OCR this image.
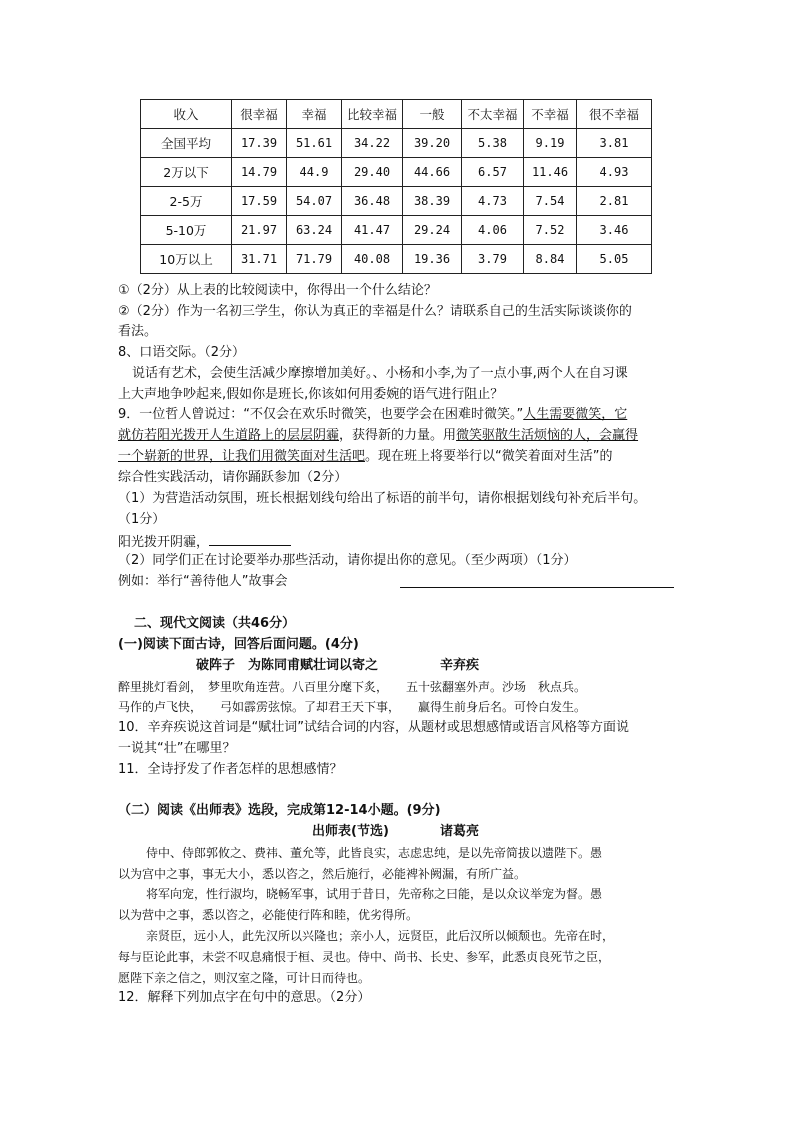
收入	很幸福	幸福	比较幸福	一般	不太幸福	不幸福	很不幸福
全国平均	17.39	51.61	34.22	39.20	5.38	9.19	3.81
2万以下	14.79	44.9	29.40	44.66	6.57	11.46	4.93
2-5万	17.59	54.07	36.48	38.39	4.73	7.54	2.81
5-10万	21.97	63.24	41.47	29.24	4.06	7.52	3.46
10万以上	31.71	71.79	40.08	19.36	3.79	8.84	5.05
①（2分）从上表的比较阅读中，你得出一个什么结论？
②（2分）作为一名初三学生，你认为真正的幸福是什么？请联系自己的生活实际谈谈你的
看法。
8、口语交际。（2分）
说话有艺术，会使生活减少摩擦增加美好。、小杨和小李,为了一点小事,两个人在自习课
上大声地争吵起来,假如你是班长,你该如何用委婉的语气进行阻止？
9．一位哲人曾说过：“不仅会在欢乐时微笑，也要学会在困难时微笑。”人生需要微笑，它
就仿若阳光拨开人生道路上的层层阴霾，获得新的力量。用微笑驱散生活烦恼的人，会赢得
一个崭新的世界，让我们用微笑面对生活吧。现在班上将要举行以“微笑着面对生活”的
综合性实践活动，请你踊跃参加（2分）
（1）为营造活动氛围，班长根据划线句给出了标语的前半句，请你根据划线句补充后半句。
（1分）
阳光拨开阴霾，
（2）同学们正在讨论要举办那些活动，请你提出你的意见。（至少两项）（1分）
例如：举行“善待他人”故事会
二、现代文阅读（共46分）
(一)阅读下面古诗，回答后面问题。(4分)
破阵子　为陈同甫赋壮词以寄之	辛弃疾
醉里挑灯看剑，　梦里吹角连营。八百里分麾下炙，　　五十弦翻塞外声。沙场　秋点兵。
马作的卢飞快，　　弓如霹雳弦惊。了却君王天下事，　　赢得生前身后名。可怜白发生。
10．辛弃疾说这首词是“赋壮词”试结合词的内容，从题材或思想感情或语言风格等方面说
一说其“壮”在哪里？
11．全诗抒发了作者怎样的思想感情？
（二）阅读《出师表》选段，完成第12-14小题。(9分)
出师表(节选)	诸葛亮
侍中、侍郎郭攸之、费祎、董允等，此皆良实，志虑忠纯，是以先帝简拔以遗陛下。愚
以为宫中之事，事无大小，悉以咨之，然后施行，必能裨补阙漏，有所广益。
将军向宠，性行淑均，晓畅军事，试用于昔日，先帝称之曰能，是以众议举宠为督。愚
以为营中之事，悉以咨之，必能使行阵和睦，优劣得所。
亲贤臣，远小人，此先汉所以兴隆也；亲小人，远贤臣，此后汉所以倾颓也。先帝在时，
每与臣论此事，未尝不叹息痛恨于桓、灵也。侍中、尚书、长史、参军，此悉贞良死节之臣，
愿陛下亲之信之，则汉室之隆，可计日而待也。
12．解释下列加点字在句中的意思。（2分）
